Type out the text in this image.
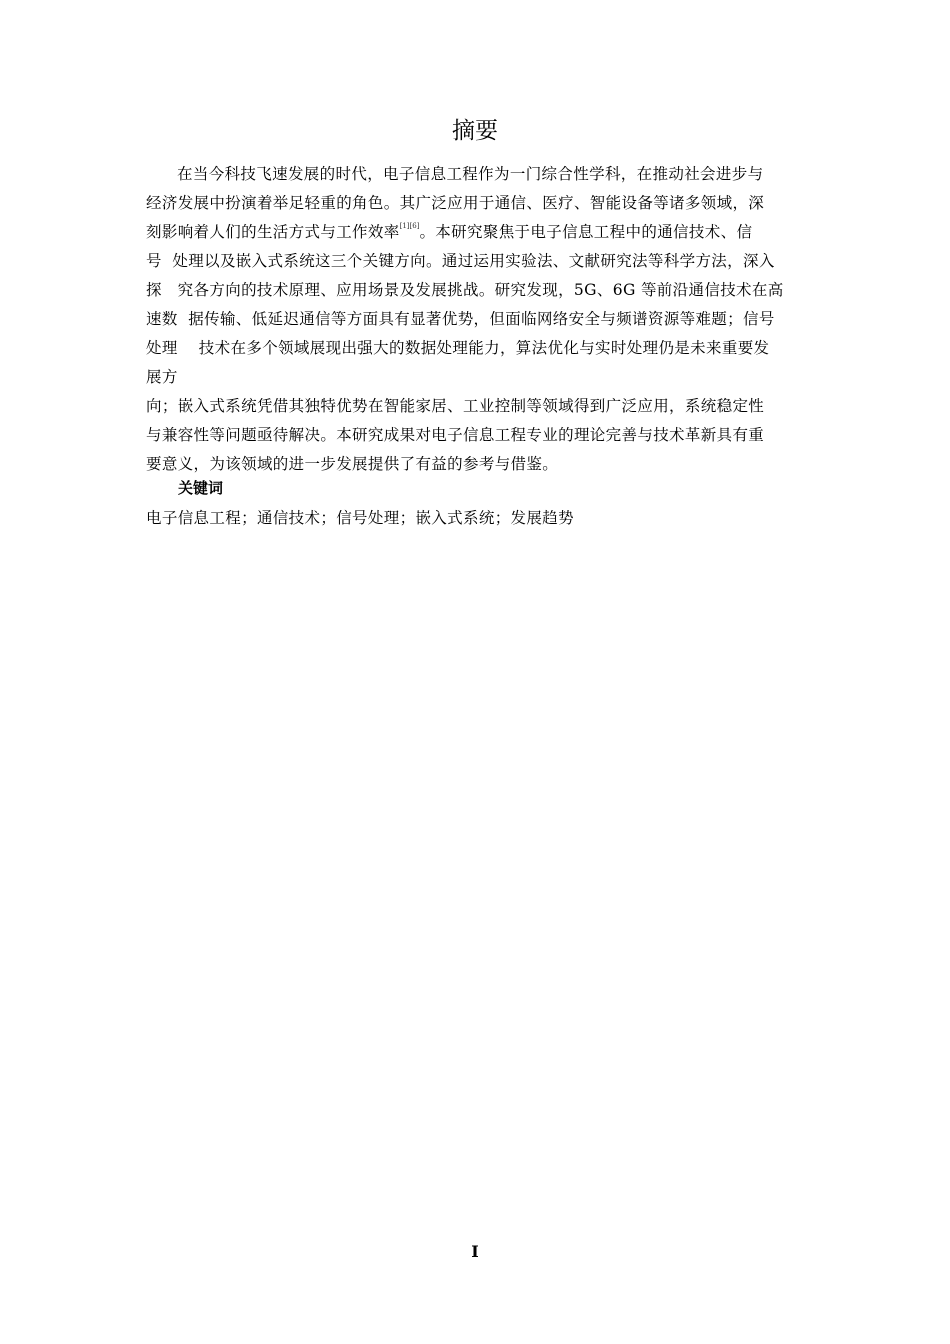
摘要
在当今科技飞速发展的时代，电子信息工程作为一门综合性学科，在推动社会进步与
经济发展中扮演着举足轻重的角色。其广泛应用于通信、医疗、智能设备等诸多领域，深
刻影响着人们的生活方式与工作效率[1][6]。本研究聚焦于电子信息工程中的通信技术、信
号  处理以及嵌入式系统这三个关键方向。通过运用实验法、文献研究法等科学方法，深入
探   究各方向的技术原理、应用场景及发展挑战。研究发现，5G、6G 等前沿通信技术在高
速数  据传输、低延迟通信等方面具有显著优势，但面临网络安全与频谱资源等难题；信号
处理    技术在多个领域展现出强大的数据处理能力，算法优化与实时处理仍是未来重要发
展方
向；嵌入式系统凭借其独特优势在智能家居、工业控制等领域得到广泛应用，系统稳定性
与兼容性等问题亟待解决。本研究成果对电子信息工程专业的理论完善与技术革新具有重
要意义，为该领域的进一步发展提供了有益的参考与借鉴。
关键词
电子信息工程；通信技术；信号处理；嵌入式系统；发展趋势
I
